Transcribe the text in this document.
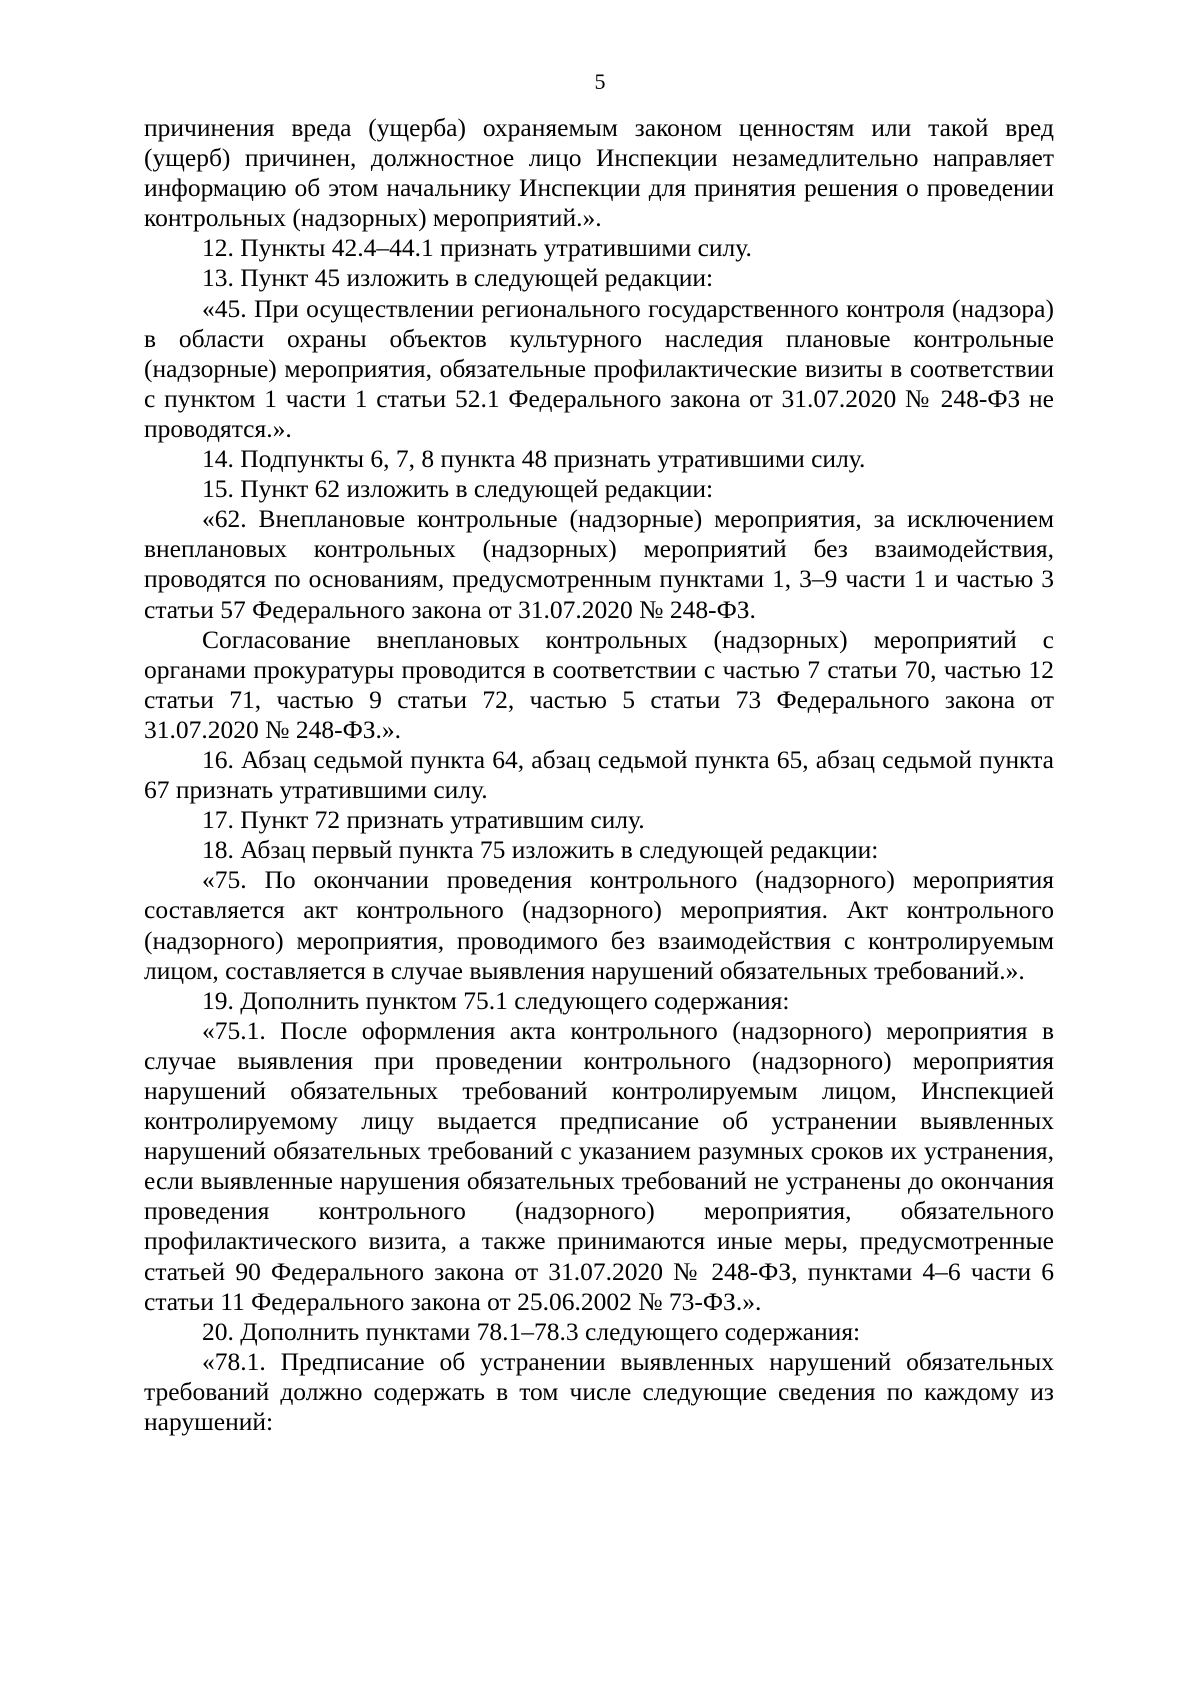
5

причинения вреда (ущерба) охраняемым законом ценностям или такой вред (ущерб) причинен, должностное лицо Инспекции незамедлительно направляет информацию об этом начальнику Инспекции для принятия решения о проведении контрольных (надзорных) мероприятий.».

12. Пункты 42.4–44.1 признать утратившими силу.

13. Пункт 45 изложить в следующей редакции:

«45. При осуществлении регионального государственного контроля (надзора) в области охраны объектов культурного наследия плановые контрольные (надзорные) мероприятия, обязательные профилактические визиты в соответствии с пунктом 1 части 1 статьи 52.1 Федерального закона от 31.07.2020 № 248-ФЗ не проводятся.».

14. Подпункты 6, 7, 8 пункта 48 признать утратившими силу.

15. Пункт 62 изложить в следующей редакции:

«62. Внеплановые контрольные (надзорные) мероприятия, за исключением внеплановых контрольных (надзорных) мероприятий без взаимодействия, проводятся по основаниям, предусмотренным пунктами 1, 3–9 части 1 и частью 3 статьи 57 Федерального закона от 31.07.2020 № 248-ФЗ.

Согласование внеплановых контрольных (надзорных) мероприятий с органами прокуратуры проводится в соответствии с частью 7 статьи 70, частью 12 статьи 71, частью 9 статьи 72, частью 5 статьи 73 Федерального закона от 31.07.2020 № 248-ФЗ.».

16. Абзац седьмой пункта 64, абзац седьмой пункта 65, абзац седьмой пункта 67 признать утратившими силу.

17. Пункт 72 признать утратившим силу.

18. Абзац первый пункта 75 изложить в следующей редакции:

«75. По окончании проведения контрольного (надзорного) мероприятия составляется акт контрольного (надзорного) мероприятия. Акт контрольного (надзорного) мероприятия, проводимого без взаимодействия с контролируемым лицом, составляется в случае выявления нарушений обязательных требований.».

19. Дополнить пунктом 75.1 следующего содержания:

«75.1. После оформления акта контрольного (надзорного) мероприятия в случае выявления при проведении контрольного (надзорного) мероприятия нарушений обязательных требований контролируемым лицом, Инспекцией контролируемому лицу выдается предписание об устранении выявленных нарушений обязательных требований с указанием разумных сроков их устранения, если выявленные нарушения обязательных требований не устранены до окончания проведения контрольного (надзорного) мероприятия, обязательного профилактического визита, а также принимаются иные меры, предусмотренные статьей 90 Федерального закона от 31.07.2020 № 248-ФЗ, пунктами 4–6 части 6 статьи 11 Федерального закона от 25.06.2002 № 73-ФЗ.».

20. Дополнить пунктами 78.1–78.3 следующего содержания:

«78.1. Предписание об устранении выявленных нарушений обязательных требований должно содержать в том числе следующие сведения по каждому из нарушений:
